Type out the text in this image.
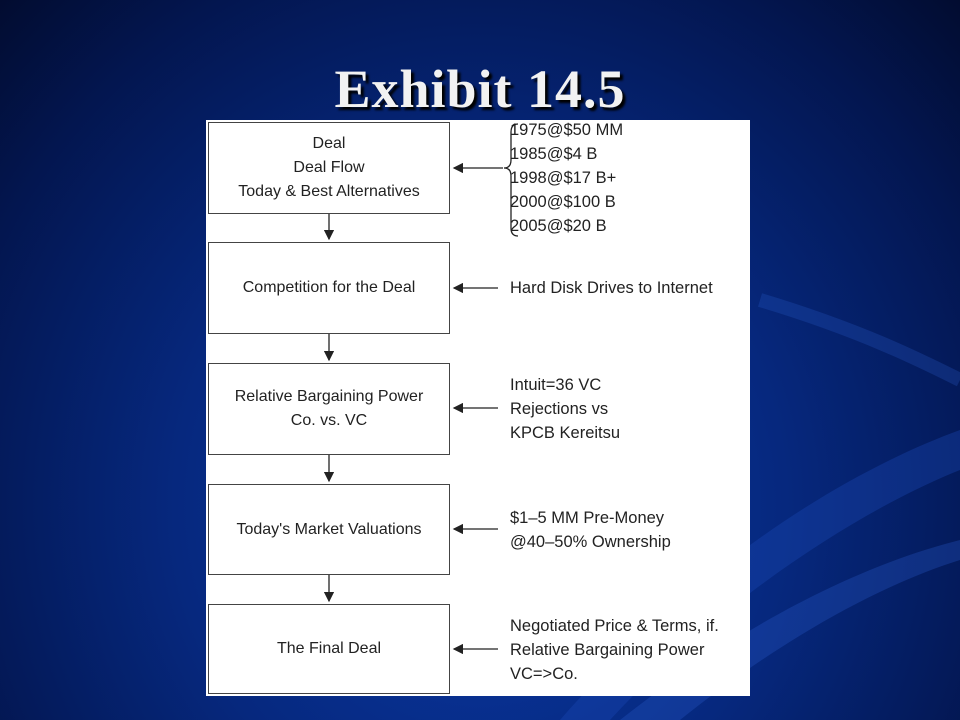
Exhibit 14.5
Deal
Deal Flow
Today & Best Alternatives
1975@$50 MM
1985@$4 B
1998@$17 B+
2000@$100 B
2005@$20 B
Competition for the Deal	Hard Disk Drives to Internet
Relative Bargaining Power
Co. vs. VC
Intuit=36 VC
Rejections vs
KPCB Kereitsu
Today's Market Valuations
$1–5 MM Pre-Money
@40–50% Ownership
The Final Deal
Negotiated Price & Terms, if.
Relative Bargaining Power
VC=>Co.
